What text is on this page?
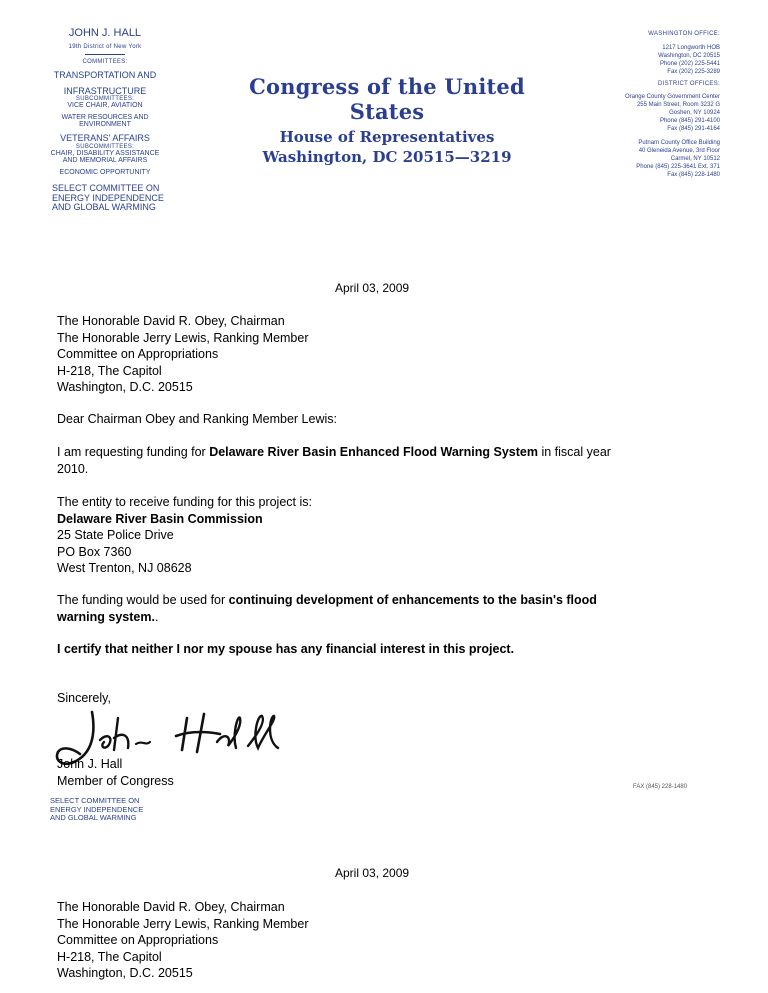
JOHN J. HALL
19th District of New York
COMMITTEES:
TRANSPORTATION AND
INFRASTRUCTURE
SUBCOMMITTEES:
VICE CHAIR, AVIATION
WATER RESOURCES AND
ENVIRONMENT
VETERANS' AFFAIRS
SUBCOMMITTEES:
CHAIR, DISABILITY ASSISTANCE
AND MEMORIAL AFFAIRS
ECONOMIC OPPORTUNITY
SELECT COMMITTEE ON
ENERGY INDEPENDENCE
AND GLOBAL WARMING
Congress of the United States
House of Representatives
Washington, DC 20515—3219
WASHINGTON OFFICE:
1217 Longworth HOB
Washington, DC 20515
Phone (202) 225-5441
Fax (202) 225-3289
DISTRICT OFFICES:
Orange County Government Center
255 Main Street, Room 3232 G
Goshen, NY 10924
Phone (845) 291-4100
Fax (845) 291-4164
Putnam County Office Building
40 Gleneida Avenue, 3rd Floor
Carmel, NY 10512
Phone (845) 225-3641 Ext. 371
Fax (845) 228-1480
April 03, 2009
The Honorable David R. Obey, Chairman
The Honorable Jerry Lewis, Ranking Member
Committee on Appropriations
H-218, The Capitol
Washington, D.C. 20515
Dear Chairman Obey and Ranking Member Lewis:
I am requesting funding for Delaware River Basin Enhanced Flood Warning System in fiscal year
2010.
The entity to receive funding for this project is:
Delaware River Basin Commission
25 State Police Drive
PO Box 7360
West Trenton, NJ 08628
The funding would be used for continuing development of enhancements to the basin's flood
warning system..
I certify that neither I nor my spouse has any financial interest in this project.
Sincerely,
John J. Hall
Member of Congress	FAX (845) 228-1480
SELECT COMMITTEE ON
ENERGY INDEPENDENCE
AND GLOBAL WARMING
April 03, 2009
The Honorable David R. Obey, Chairman
The Honorable Jerry Lewis, Ranking Member
Committee on Appropriations
H-218, The Capitol
Washington, D.C. 20515
